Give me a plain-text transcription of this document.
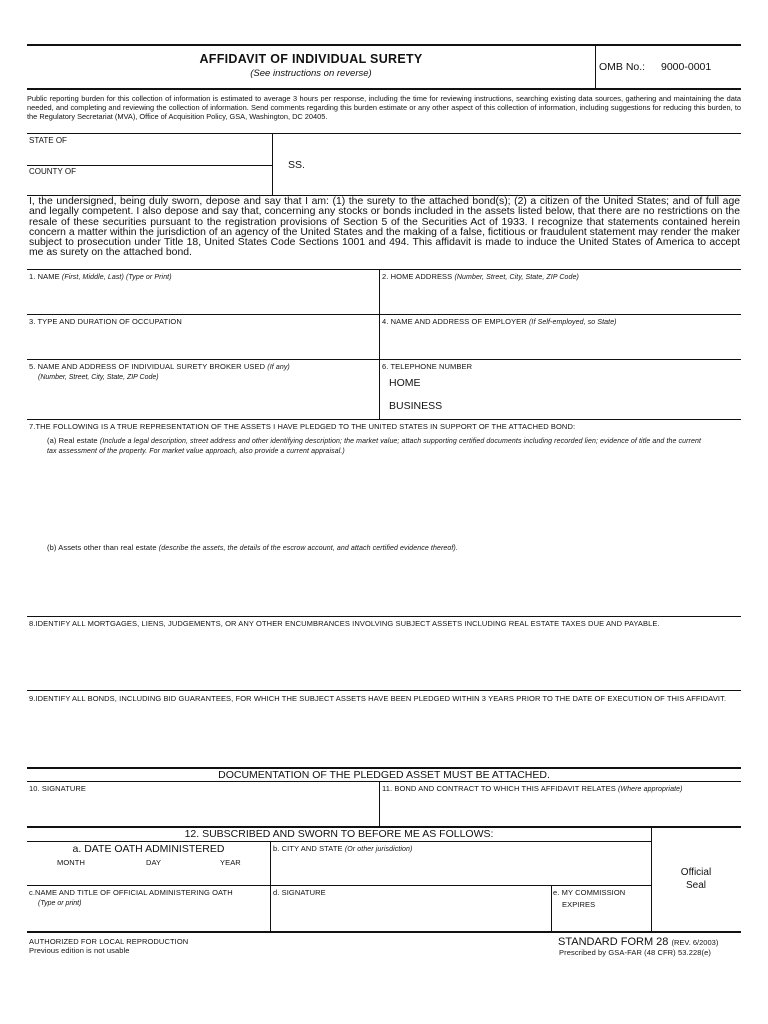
AFFIDAVIT OF INDIVIDUAL SURETY
(See instructions on reverse)
OMB No.: 9000-0001
Public reporting burden for this collection of information is estimated to average 3 hours per response, including the time for reviewing instructions, searching existing data sources, gathering and maintaining the data needed, and completing and reviewing the collection of information. Send comments regarding this burden estimate or any other aspect of this collection of information, including suggestions for reducing this burden, to the Regulatory Secretariat (MVA), Office of Acquisition Policy, GSA, Washington, DC 20405.
STATE OF
COUNTY OF
SS.
I, the undersigned, being duly sworn, depose and say that I am: (1) the surety to the attached bond(s); (2) a citizen of the United States; and of full age and legally competent. I also depose and say that, concerning any stocks or bonds included in the assets listed below, that there are no restrictions on the resale of these securities pursuant to the registration provisions of Section 5 of the Securities Act of 1933. I recognize that statements contained herein concern a matter within the jurisdiction of an agency of the United States and the making of a false, fictitious or fraudulent statement may render the maker subject to prosecution under Title 18, United States Code Sections 1001 and 494. This affidavit is made to induce the United States of America to accept me as surety on the attached bond.
1. NAME (First, Middle, Last) (Type or Print)	2. HOME ADDRESS (Number, Street, City, State, ZIP Code)
3. TYPE AND DURATION OF OCCUPATION	4. NAME AND ADDRESS OF EMPLOYER (If Self-employed, so State)
5. NAME AND ADDRESS OF INDIVIDUAL SURETY BROKER USED (If any)
(Number, Street, City, State, ZIP Code)
6. TELEPHONE NUMBER
HOME
BUSINESS
7.THE FOLLOWING IS A TRUE REPRESENTATION OF THE ASSETS I HAVE PLEDGED TO THE UNITED STATES IN SUPPORT OF THE ATTACHED BOND:
(a) Real estate (Include a legal description, street address and other identifying description; the market value; attach supporting certified documents including recorded lien; evidence of title and the current tax assessment of the property. For market value approach, also provide a current appraisal.)
(b) Assets other than real estate (describe the assets, the details of the escrow account, and attach certified evidence thereof).
8.IDENTIFY ALL MORTGAGES, LIENS, JUDGEMENTS, OR ANY OTHER ENCUMBRANCES INVOLVING SUBJECT ASSETS INCLUDING REAL ESTATE TAXES DUE AND PAYABLE.
9.IDENTIFY ALL BONDS, INCLUDING BID GUARANTEES, FOR WHICH THE SUBJECT ASSETS HAVE BEEN PLEDGED WITHIN 3 YEARS PRIOR TO THE DATE OF EXECUTION OF THIS AFFIDAVIT.
DOCUMENTATION OF THE PLEDGED ASSET MUST BE ATTACHED.
10. SIGNATURE	11. BOND AND CONTRACT TO WHICH THIS AFFIDAVIT RELATES (Where appropriate)
12. SUBSCRIBED AND SWORN TO BEFORE ME AS FOLLOWS:
a. DATE OATH ADMINISTERED
MONTH	DAY	YEAR
b. CITY AND STATE (Or other jurisdiction)
c.NAME AND TITLE OF OFFICIAL ADMINISTERING OATH
(Type or print)
d. SIGNATURE	e. MY COMMISSION
EXPIRES
Official
Seal
AUTHORIZED FOR LOCAL REPRODUCTION
Previous edition is not usable
STANDARD FORM 28 (REV. 6/2003)
Prescribed by GSA-FAR (48 CFR) 53.228(e)
